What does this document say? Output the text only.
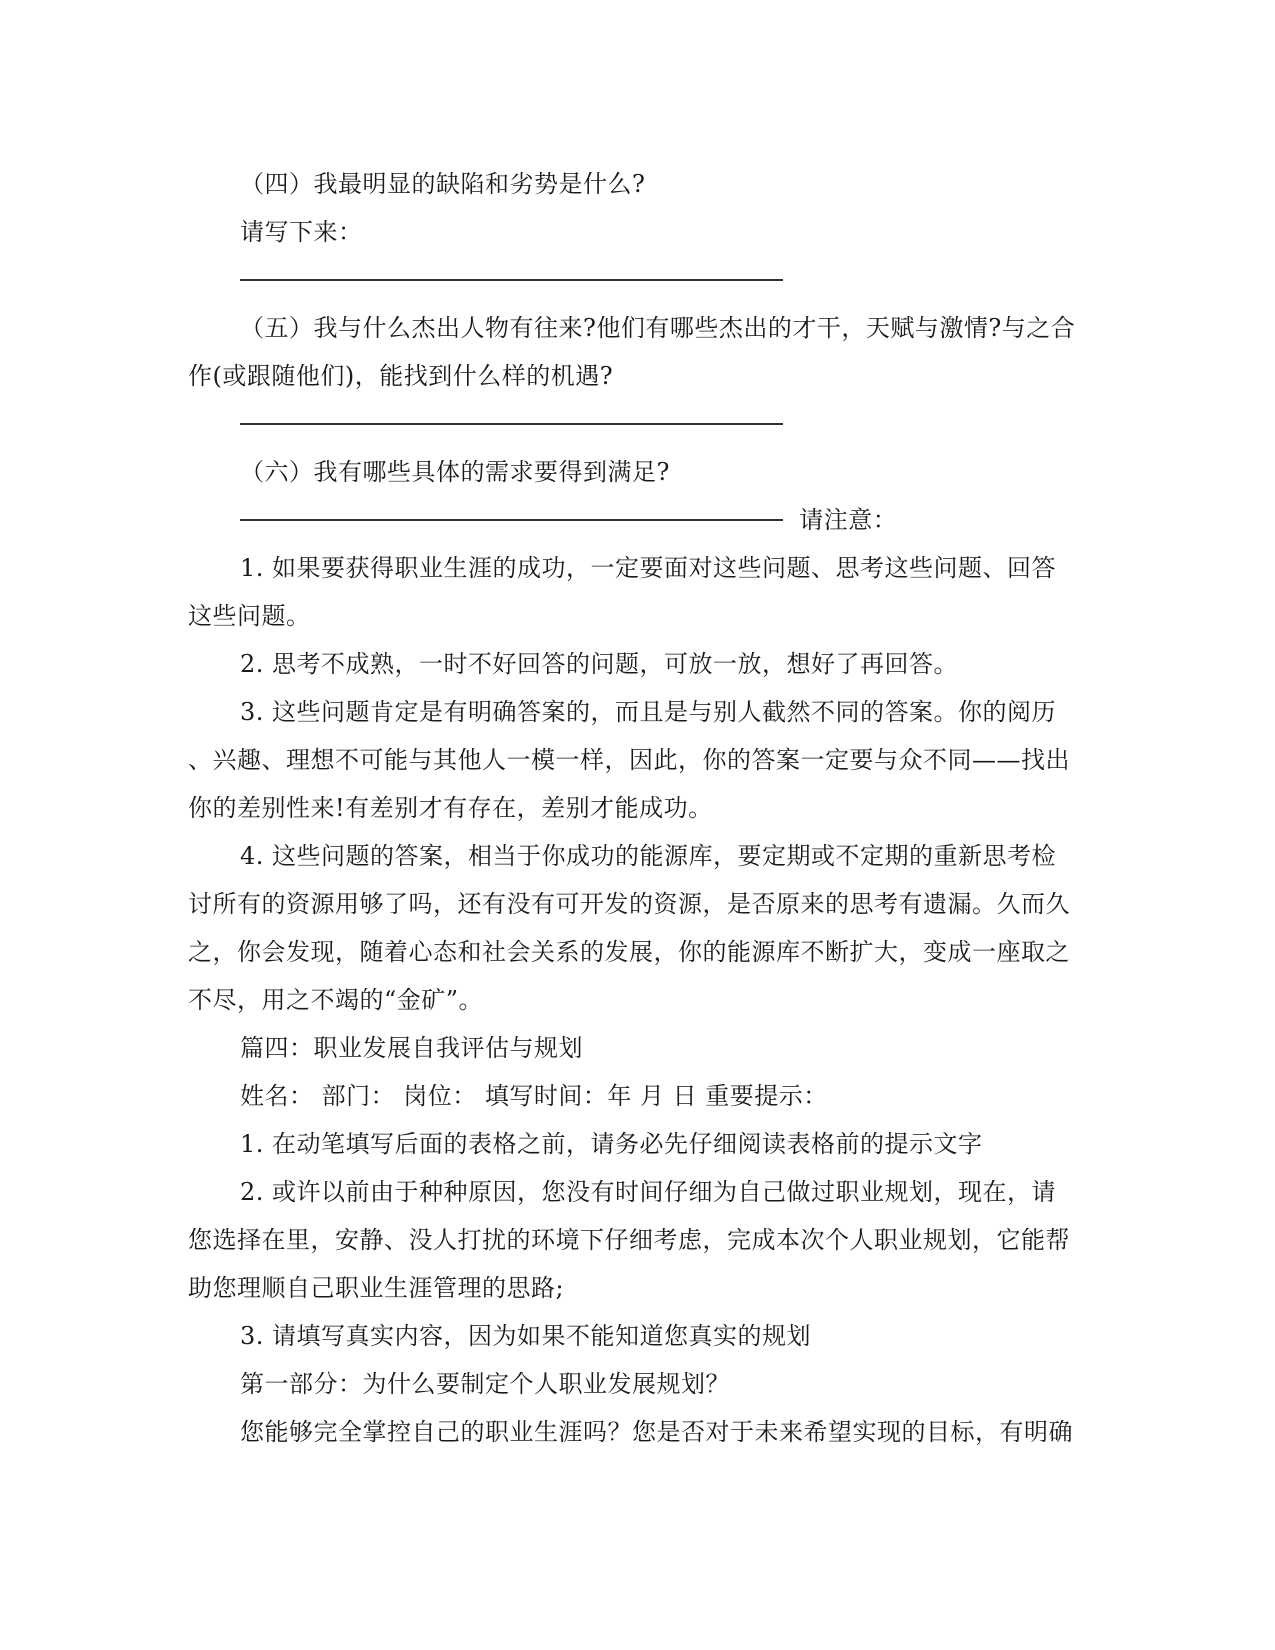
（四）我最明显的缺陷和劣势是什么?
请写下来：
（五）我与什么杰出人物有往来?他们有哪些杰出的才干，天赋与激情?与之合
作(或跟随他们)，能找到什么样的机遇?
（六）我有哪些具体的需求要得到满足?
请注意：
1. 如果要获得职业生涯的成功，一定要面对这些问题、思考这些问题、回答
这些问题。
2. 思考不成熟，一时不好回答的问题，可放一放，想好了再回答。
3. 这些问题肯定是有明确答案的，而且是与别人截然不同的答案。你的阅历
、兴趣、理想不可能与其他人一模一样，因此，你的答案一定要与众不同——找出
你的差别性来!有差别才有存在，差别才能成功。
4. 这些问题的答案，相当于你成功的能源库，要定期或不定期的重新思考检
讨所有的资源用够了吗，还有没有可开发的资源，是否原来的思考有遗漏。久而久
之，你会发现，随着心态和社会关系的发展，你的能源库不断扩大，变成一座取之
不尽，用之不竭的“金矿”。
篇四：职业发展自我评估与规划
姓名： 部门： 岗位： 填写时间：年 月 日 重要提示：
1. 在动笔填写后面的表格之前，请务必先仔细阅读表格前的提示文字
2. 或许以前由于种种原因，您没有时间仔细为自己做过职业规划，现在，请
您选择在里，安静、没人打扰的环境下仔细考虑，完成本次个人职业规划，它能帮
助您理顺自己职业生涯管理的思路;
3. 请填写真实内容，因为如果不能知道您真实的规划
第一部分：为什么要制定个人职业发展规划？
您能够完全掌控自己的职业生涯吗？您是否对于未来希望实现的目标，有明确
